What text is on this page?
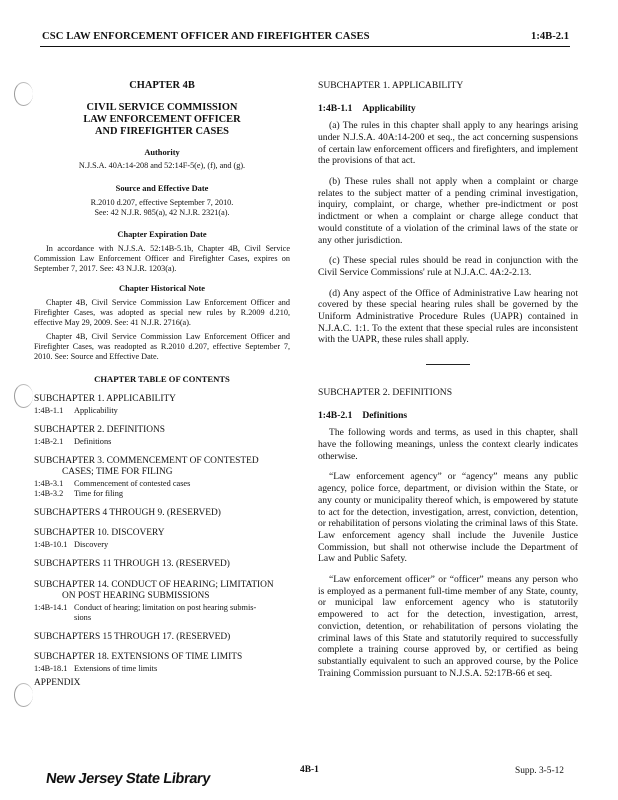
CSC LAW ENFORCEMENT OFFICER AND FIREFIGHTER CASES	1:4B-2.1
CHAPTER 4B
CIVIL SERVICE COMMISSION
LAW ENFORCEMENT OFFICER
AND FIREFIGHTER CASES
Authority
N.J.S.A. 40A:14-208 and 52:14F-5(e), (f), and (g).
Source and Effective Date
R.2010 d.207, effective September 7, 2010.
See: 42 N.J.R. 985(a), 42 N.J.R. 2321(a).
Chapter Expiration Date

In accordance with N.J.S.A. 52:14B-5.1b, Chapter 4B, Civil Service Commission Law Enforcement Officer and Firefighter Cases, expires on September 7, 2017. See: 43 N.J.R. 1203(a).

Chapter Historical Note

Chapter 4B, Civil Service Commission Law Enforcement Officer and Firefighter Cases, was adopted as special new rules by R.2009 d.210, effective May 29, 2009. See: 41 N.J.R. 2716(a).

Chapter 4B, Civil Service Commission Law Enforcement Officer and Firefighter Cases, was readopted as R.2010 d.207, effective September 7, 2010. See: Source and Effective Date.

CHAPTER TABLE OF CONTENTS
SUBCHAPTER 1. APPLICABILITY
1:4B-1.1	Applicability
SUBCHAPTER 2. DEFINITIONS
1:4B-2.1	Definitions
SUBCHAPTER 3. COMMENCEMENT OF CONTESTED
CASES; TIME FOR FILING
1:4B-3.1	Commencement of contested cases
1:4B-3.2	Time for filing
SUBCHAPTERS 4 THROUGH 9. (RESERVED)
SUBCHAPTER 10. DISCOVERY
1:4B-10.1 Discovery
SUBCHAPTERS 11 THROUGH 13. (RESERVED)
SUBCHAPTER 14. CONDUCT OF HEARING; LIMITATION
ON POST HEARING SUBMISSIONS
1:4B-14.1 Conduct of hearing; limitation on post hearing submis-
sions
SUBCHAPTERS 15 THROUGH 17. (RESERVED)
SUBCHAPTER 18. EXTENSIONS OF TIME LIMITS
1:4B-18.1 Extensions of time limits
APPENDIX
SUBCHAPTER 1. APPLICABILITY
1:4B-1.1 Applicability

(a) The rules in this chapter shall apply to any hearings arising under N.J.S.A. 40A:14-200 et seq., the act concerning suspensions of certain law enforcement officers and firefighters, and implement the provisions of that act.

(b) These rules shall not apply when a complaint or charge relates to the subject matter of a pending criminal investigation, inquiry, complaint, or charge, whether pre-indictment or post indictment or when a complaint or charge allege conduct that would constitute of a violation of the criminal laws of the state or any other jurisdiction.

(c) These special rules should be read in conjunction with the Civil Service Commissions' rule at N.J.A.C. 4A:2-2.13.

(d) Any aspect of the Office of Administrative Law hearing not covered by these special hearing rules shall be governed by the Uniform Administrative Procedure Rules (UAPR) contained in N.J.A.C. 1:1. To the extent that these special rules are inconsistent with the UAPR, these rules shall apply.

SUBCHAPTER 2. DEFINITIONS
1:4B-2.1 Definitions

The following words and terms, as used in this chapter, shall have the following meanings, unless the context clearly indicates otherwise.

“Law enforcement agency” or “agency” means any public agency, police force, department, or division within the State, or any county or municipality thereof which, is empowered by statute to act for the detection, investigation, arrest, conviction, detention, or rehabilitation of persons violating the criminal laws of this State. Law enforcement agency shall include the Juvenile Justice Commission, but shall not otherwise include the Department of Law and Public Safety.

“Law enforcement officer” or “officer” means any person who is employed as a permanent full-time member of any State, county, or municipal law enforcement agency who is statutorily empowered to act for the detection, investigation, arrest, conviction, detention, or rehabilitation of persons violating the criminal laws of this State and statutorily required to successfully complete a training course approved by, or certified as being substantially equivalent to such an approved course, by the Police Training Commission pursuant to N.J.S.A. 52:17B-66 et seq.

New Jersey State Library
4B-1	Supp. 3-5-12
